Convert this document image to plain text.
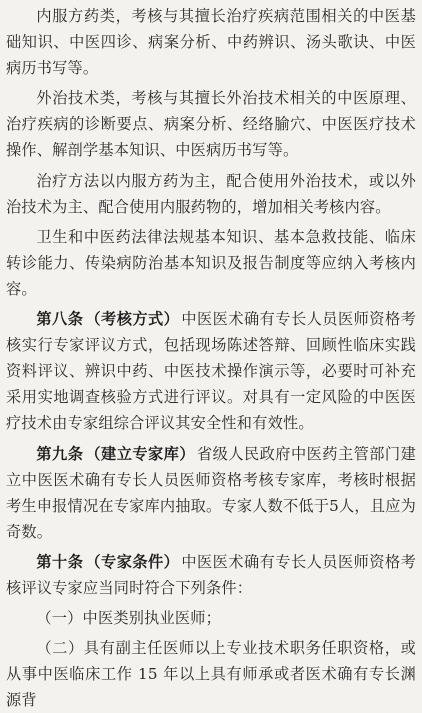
内服方药类，考核与其擅长治疗疾病范围相关的中医基础知识、中医四诊、病案分析、中药辨识、汤头歌诀、中医病历书写等。

外治技术类，考核与其擅长外治技术相关的中医原理、治疗疾病的诊断要点、病案分析、经络腧穴、中医医疗技术操作、解剖学基本知识、中医病历书写等。

治疗方法以内服方药为主，配合使用外治技术，或以外治技术为主、配合使用内服药物的，增加相关考核内容。

卫生和中医药法律法规基本知识、基本急救技能、临床转诊能力、传染病防治基本知识及报告制度等应纳入考核内容。

第八条 （考核方式） 中医医术确有专长人员医师资格考核实行专家评议方式，包括现场陈述答辩、回顾性临床实践资料评议、辨识中药、中医技术操作演示等，必要时可补充采用实地调查核验方式进行评议。对具有一定风险的中医医疗技术由专家组综合评议其安全性和有效性。

第九条 （建立专家库） 省级人民政府中医药主管部门建立中医医术确有专长人员医师资格考核专家库，考核时根据考生申报情况在专家库内抽取。专家人数不低于5人，且应为奇数。

第十条 （专家条件） 中医医术确有专长人员医师资格考核评议专家应当同时符合下列条件：

（一）中医类别执业医师；

（二）具有副主任医师以上专业技术职务任职资格，或从事中医临床工作 15 年以上具有师承或者医术确有专长渊源背
